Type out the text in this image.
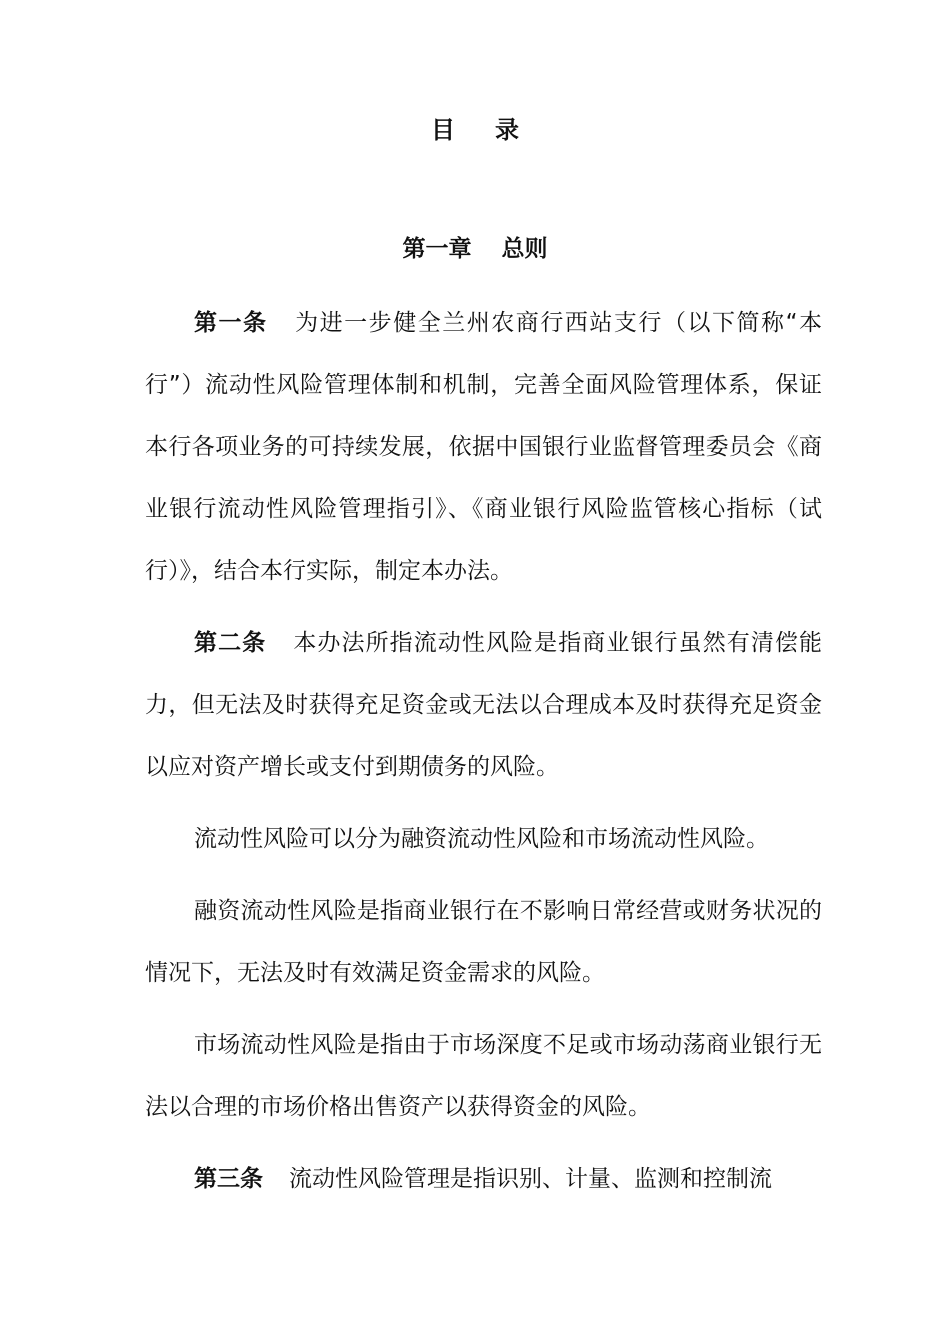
目录
第一章 总则

第一条 为进一步健全兰州农商行西站支行（以下简称“本行”）流动性风险管理体制和机制，完善全面风险管理体系，保证本行各项业务的可持续发展，依据中国银行业监督管理委员会《商业银行流动性风险管理指引》、《商业银行风险监管核心指标（试行）》，结合本行实际，制定本办法。

第二条 本办法所指流动性风险是指商业银行虽然有清偿能力，但无法及时获得充足资金或无法以合理成本及时获得充足资金以应对资产增长或支付到期债务的风险。

流动性风险可以分为融资流动性风险和市场流动性风险。

融资流动性风险是指商业银行在不影响日常经营或财务状况的情况下，无法及时有效满足资金需求的风险。

市场流动性风险是指由于市场深度不足或市场动荡商业银行无法以合理的市场价格出售资产以获得资金的风险。

第三条 流动性风险管理是指识别、计量、监测和控制流
